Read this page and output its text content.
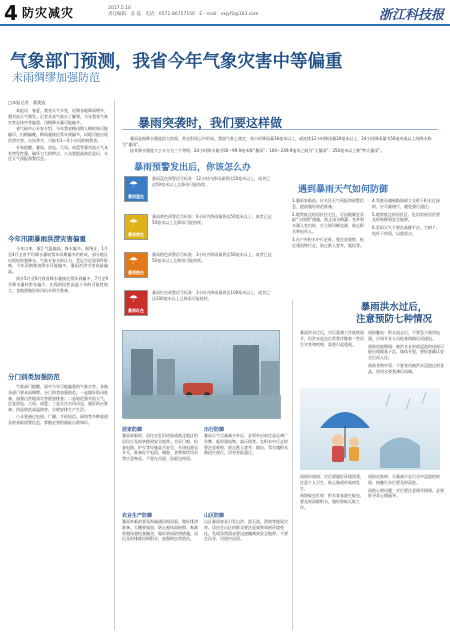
4 防灾减灾	2017.5.10
责任编辑：袁 磊　 电话：0571-86757150　 E－mail：sxjyf2@163.com	浙江科技报
气象部门预测，我省今年气象灾害中等偏重
未雨绸缪加强防范
□本报记者　董奥选

本报讯　春夏，我省天气多变，近期各地降雨增多，强对流天气频发。记者从省气象台了解到，今年我省气象灾害总体中等偏重，汛期降水量可能偏多。

省气候中心专家介绍，今年我省梅汛期入梅时间可能偏早，出梅偏晚，梅雨量接近常年到偏多，局地可能出现洪涝灾害。台风季节，可能有1～3个台风影响我省。

专家提醒，暴雨、雷电、大风、冰雹等强对流天气具有突发性强、破坏力大的特点，公众要提高防范意识，关注天气预报预警信息。

今年汛期暴雨洪涝灾害偏重

今年以来，浙江气温偏高，降水偏多。据统计，1月至4月全省平均降水量较常年同期偏多约两成，部分地区出现短时强降水。气象专家分析认为，受厄尔尼诺事件影响，今年汛期我省降水可能偏多，暴雨洪涝灾害风险偏高。

预计5月至6月我省降水量接近常年到偏多，7月至9月降水量较常年偏少，出现阶段性高温干旱的可能性较大。各地要做好防汛抗旱两手准备。

分门别类加强防范

气象部门提醒，面对今年可能偏重的气象灾害，各地各部门要未雨绸缪、分门别类加强防范。一是做好防汛准备，加强山洪地质灾害隐患排查；二是防范强对流天气，注意雷电、大风、冰雹；三是关注台风动态，做好防台准备；四是防范高温热害，合理安排生产生活。

公众要通过电视、广播、手机短信、网络等多种渠道及时获取预警信息，掌握必要的避险自救知识。

暴雨突袭时，我们要这样做

暴雨是指降水强度很大的雨，常在积雨云中形成。我国气象上规定，每小时降雨量16毫米以上，或连续12小时降雨量30毫米以上、24小时降雨量为50毫米或以上的降水称为“暴雨”。

按其降水强度大小又分为三个等级：24小时降水量为50～99.9毫米称“暴雨”；100～249.9毫米之间为“大暴雨”；250毫米以上称“特大暴雨”。

暴雨预警发出后，你该怎么办
☂
暴雨蓝色
暴雨蓝色预警信号标准：12小时内降雨量将达50毫米以上，或者已达50毫米以上且降雨可能持续。
☂
暴雨黄色
暴雨黄色预警信号标准：6小时内降雨量将达50毫米以上，或者已达50毫米以上且降雨可能持续。
☂
暴雨橙色
暴雨橙色预警信号标准：3小时内降雨量将达50毫米以上，或者已达50毫米以上且降雨可能持续。
☂
暴雨红色
暴雨红色预警信号标准：3小时内降雨量将达100毫米以上，或者已达100毫米以上且降雨可能持续。
遇到暴雨天气如何防御

1.暴雨来临前，应关注天气预报和预警信息，提前做好防范准备。

2.地势低洼的居民住宅区，可因地制宜采取“小围堰”措施，防止雨水倒灌；室外积水漫入室内时，应立即切断电源，防止积水带电伤人。

3.在户外积水中行走时，要注意观察，贴近建筑物行走，防止跌入窨井、地坑等。

4.驾驶员遇到路面或立交桥下积水过深时，应尽量绕行，避免强行通过。

5.地势低洼的居民区、危旧房屋居民要及时转移到安全地带。

6.雷雨天气不要在高楼平台、大树下、电杆下停留，以防雷击。

暴雨洪水过后，
注意预防七种情况

暴雨洪水过后，灾后重建工作陆续展开，但洪水退去后常常伴随着一些次生灾害和疾病，需要引起重视。

预防触电：积水退去后，不要急于使用电器，应请专业人员检查线路后再通电。

预防房屋倒塌：被洪水长时间浸泡的房屋可能出现地基下沉、墙体开裂，要检查确认安全后再入住。

预防食物中毒：不要食用被洪水浸泡过的食品，饮用水要煮沸后再喝。

预防传染病：灾后要做好环境消毒，注意个人卫生，防止肠道传染病发生。

预防蚊虫叮咬：积水容易滋生蚊虫，要及时清除积水，做好防蚊灭蚊工作。

预防皮肤病：尽量减少在污水中浸泡的时间，接触污水后要及时清洗。

预防心理问题：灾后要注意调节情绪，必要时寻求心理疏导。

居家防御
暴雨来临时，居住在危旧房屋或低洼地区的居民应及时转移到安全地带。关好门窗，检查电路、炉火等设施是否安全，关闭电源总开关。准备好手电筒、蜡烛、食物和饮用水等应急物品。不要在河道、沟渠边停留。
出行防御
暴雨天气尽量减少外出，必须外出时注意远离广告牌、临时建筑物、高压线等。在积水中行走时要注意观察，防止跌入窨井、地坑。驾车遇积水路段应绕行，切勿冒险通过。
农业生产防御
暴雨来临前要及时疏通田间沟渠，做好排涝准备。大棚要加固，防止被风雨损毁。畜禽养殖场要检查圈舍，做好防雨防涝措施。雨后及时排除田间积水，加强病虫害防治。
山区防御
山区暴雨容易引发山洪、泥石流、滑坡等地质灾害。居住在山区的群众要注意观察周围环境变化，发现异常情况要迅速撤离到安全地带，不要在沟谷、河道中逗留。
